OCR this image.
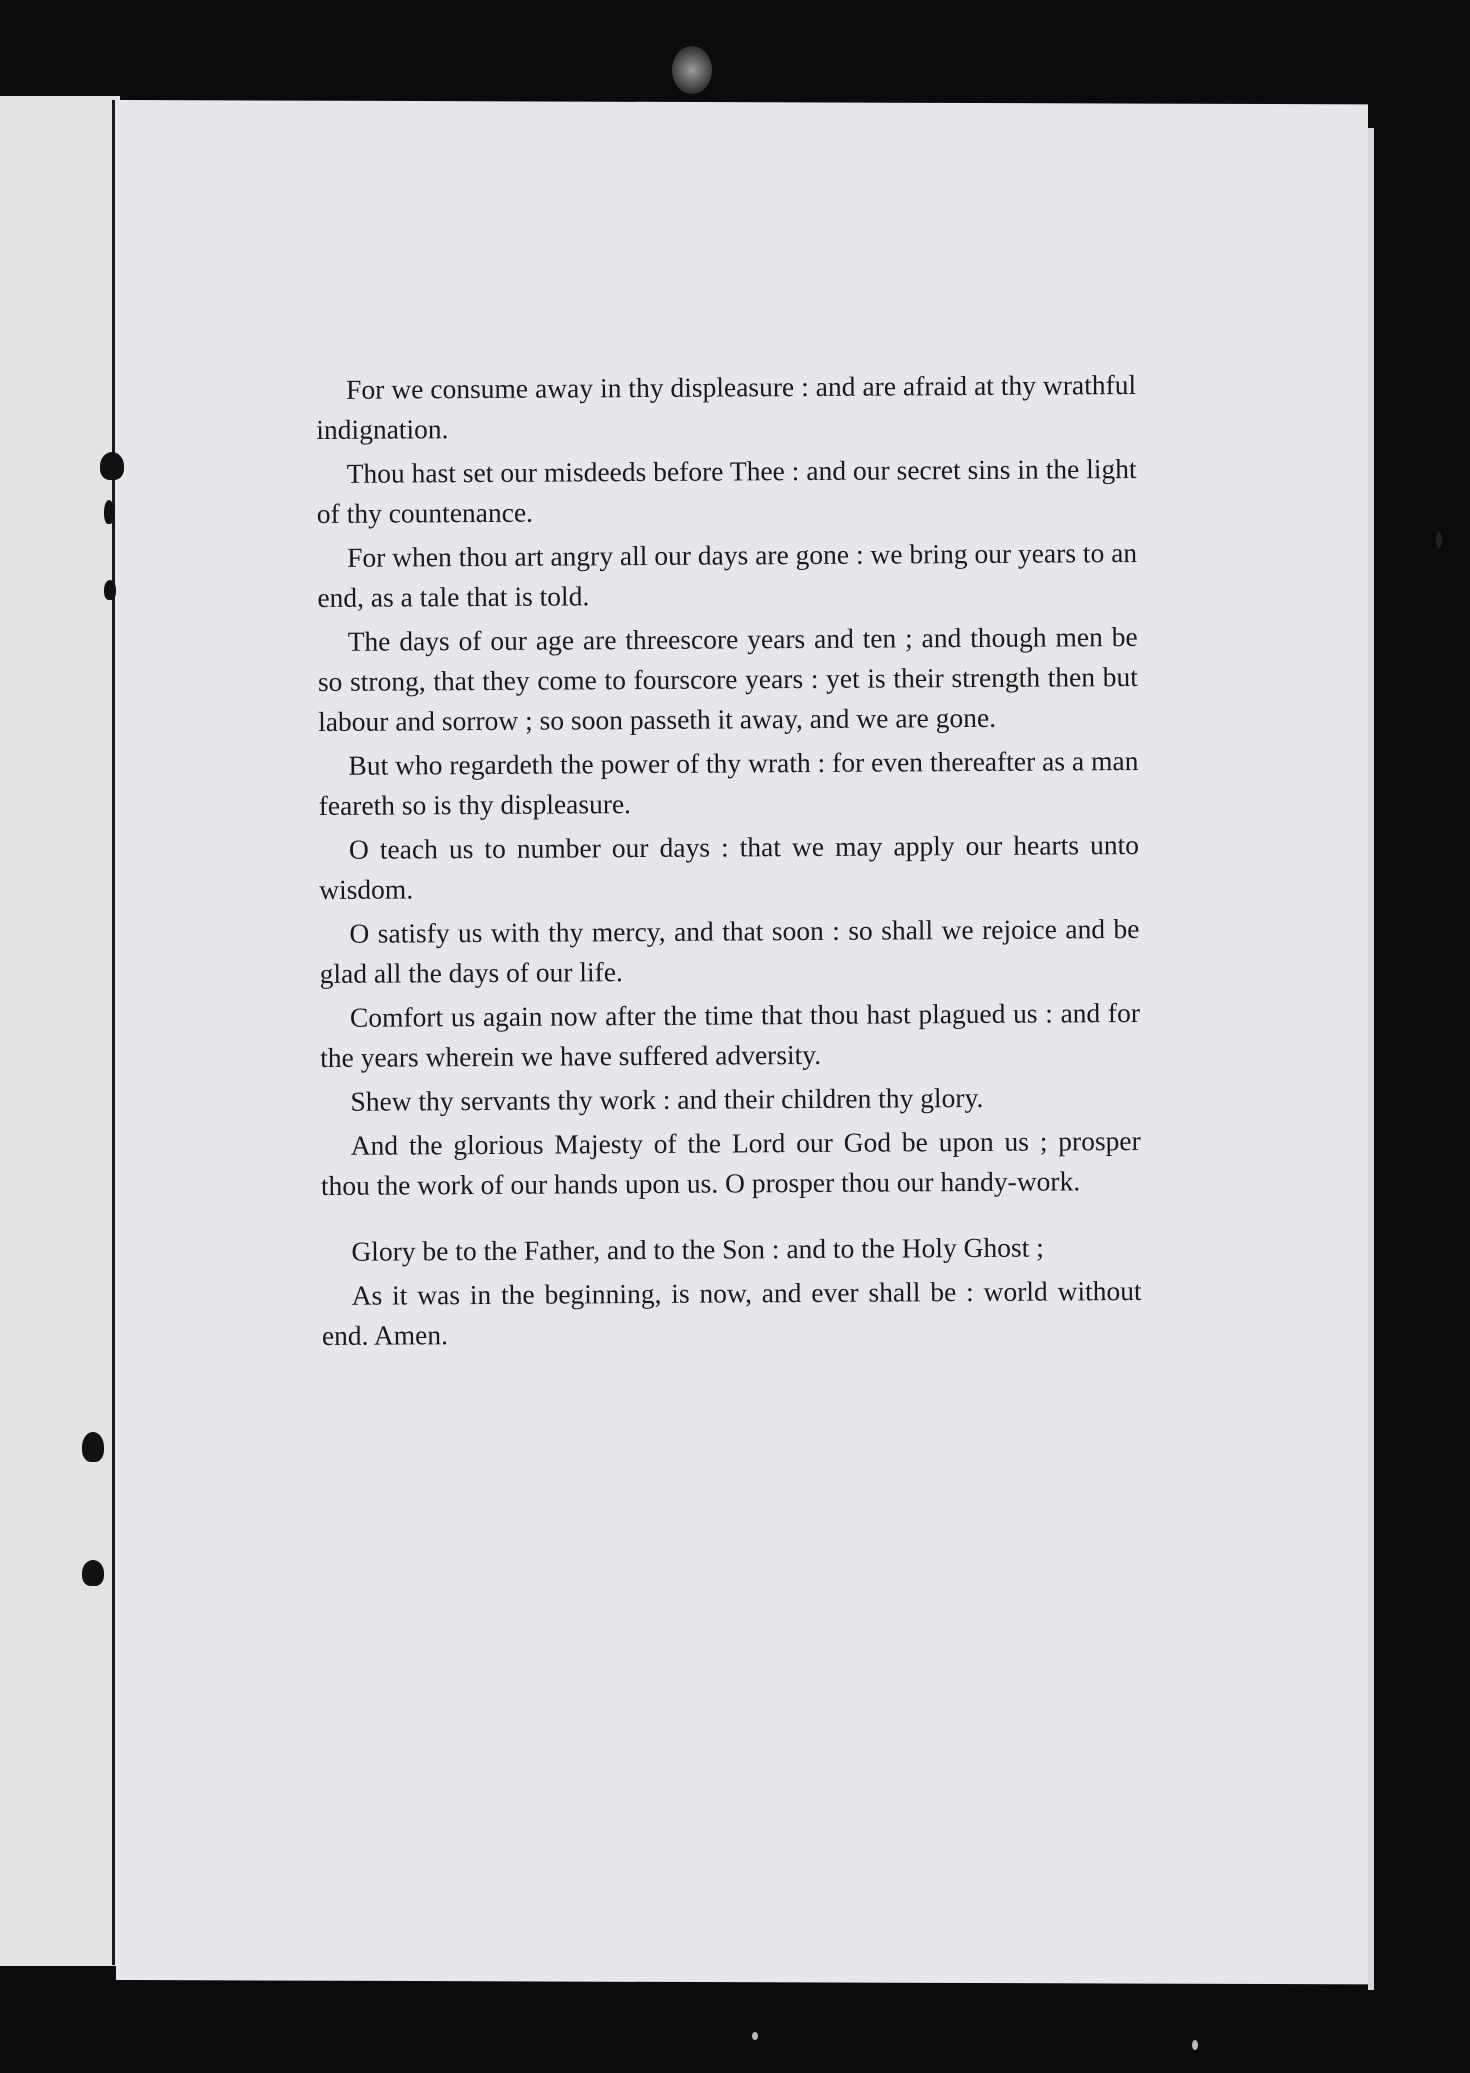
For we consume away in thy displeasure : and are afraid at thy wrathful indignation.

Thou hast set our misdeeds before Thee : and our secret sins in the light of thy countenance.

For when thou art angry all our days are gone : we bring our years to an end, as a tale that is told.

The days of our age are threescore years and ten ; and though men be so strong, that they come to fourscore years : yet is their strength then but labour and sorrow ; so soon passeth it away, and we are gone.

But who regardeth the power of thy wrath : for even thereafter as a man feareth so is thy displeasure.

O teach us to number our days : that we may apply our hearts unto wisdom.

O satisfy us with thy mercy, and that soon : so shall we rejoice and be glad all the days of our life.

Comfort us again now after the time that thou hast plagued us : and for the years wherein we have suffered adversity.

Shew thy servants thy work : and their children thy glory.

And the glorious Majesty of the Lord our God be upon us ; prosper thou the work of our hands upon us. O prosper thou our handy-work.

Glory be to the Father, and to the Son : and to the Holy Ghost ;

As it was in the beginning, is now, and ever shall be : world without end. Amen.
